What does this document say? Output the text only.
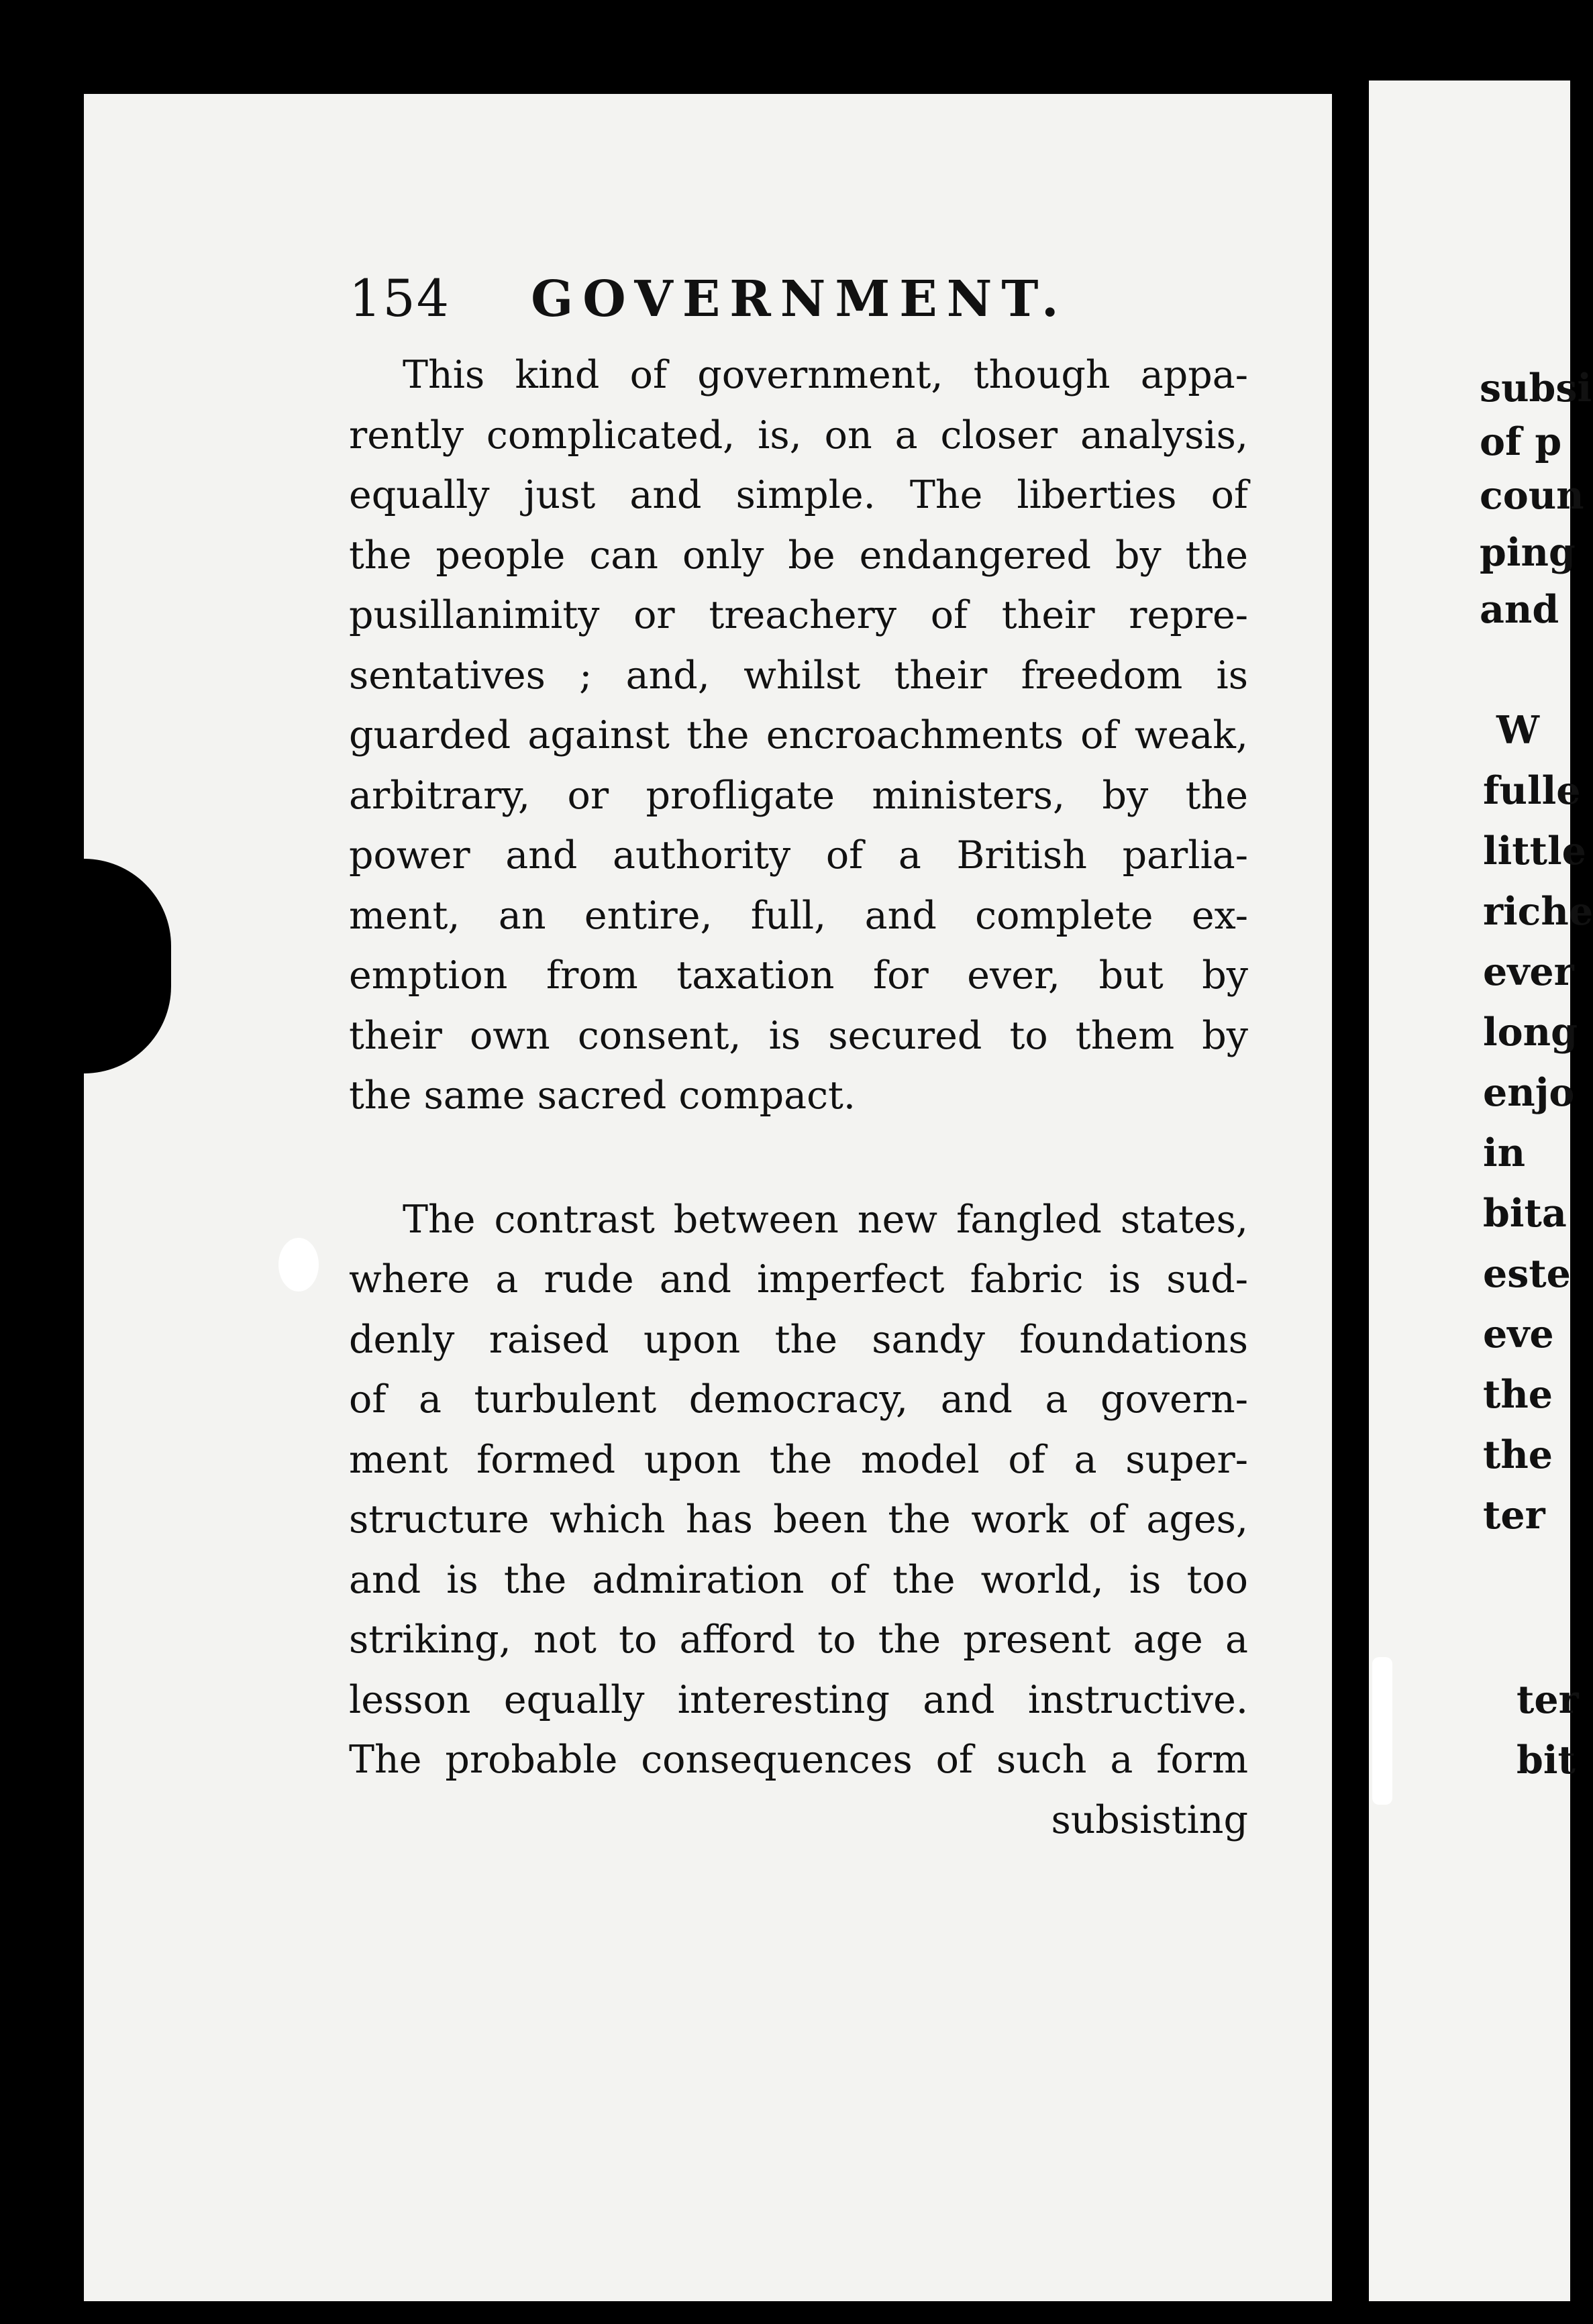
154 GOVERNMENT.

This kind of government, though appa-
rently complicated, is, on a closer analysis,
equally just and simple. The liberties of
the people can only be endangered by the
pusillanimity or treachery of their repre-
sentatives ; and, whilst their freedom is
guarded against the encroachments of weak,
arbitrary, or profligate ministers, by the
power and authority of a British parlia-
ment, an entire, full, and complete ex-
emption from taxation for ever, but by
their own consent, is secured to them by
the same sacred compact.

The contrast between new fangled states,
where a rude and imperfect fabric is sud-
denly raised upon the sandy foundations
of a turbulent democracy, and a govern-
ment formed upon the model of a super-
structure which has been the work of ages,
and is the admiration of the world, is too
striking, not to afford to the present age a
lesson equally interesting and instructive.
The probable consequences of such a form

subsisting
subsi
of p
coun
ping
and
W
fulle
little
riche
ever
long
enjo
in
bita
este
eve
the
the
ter
ter
bit
